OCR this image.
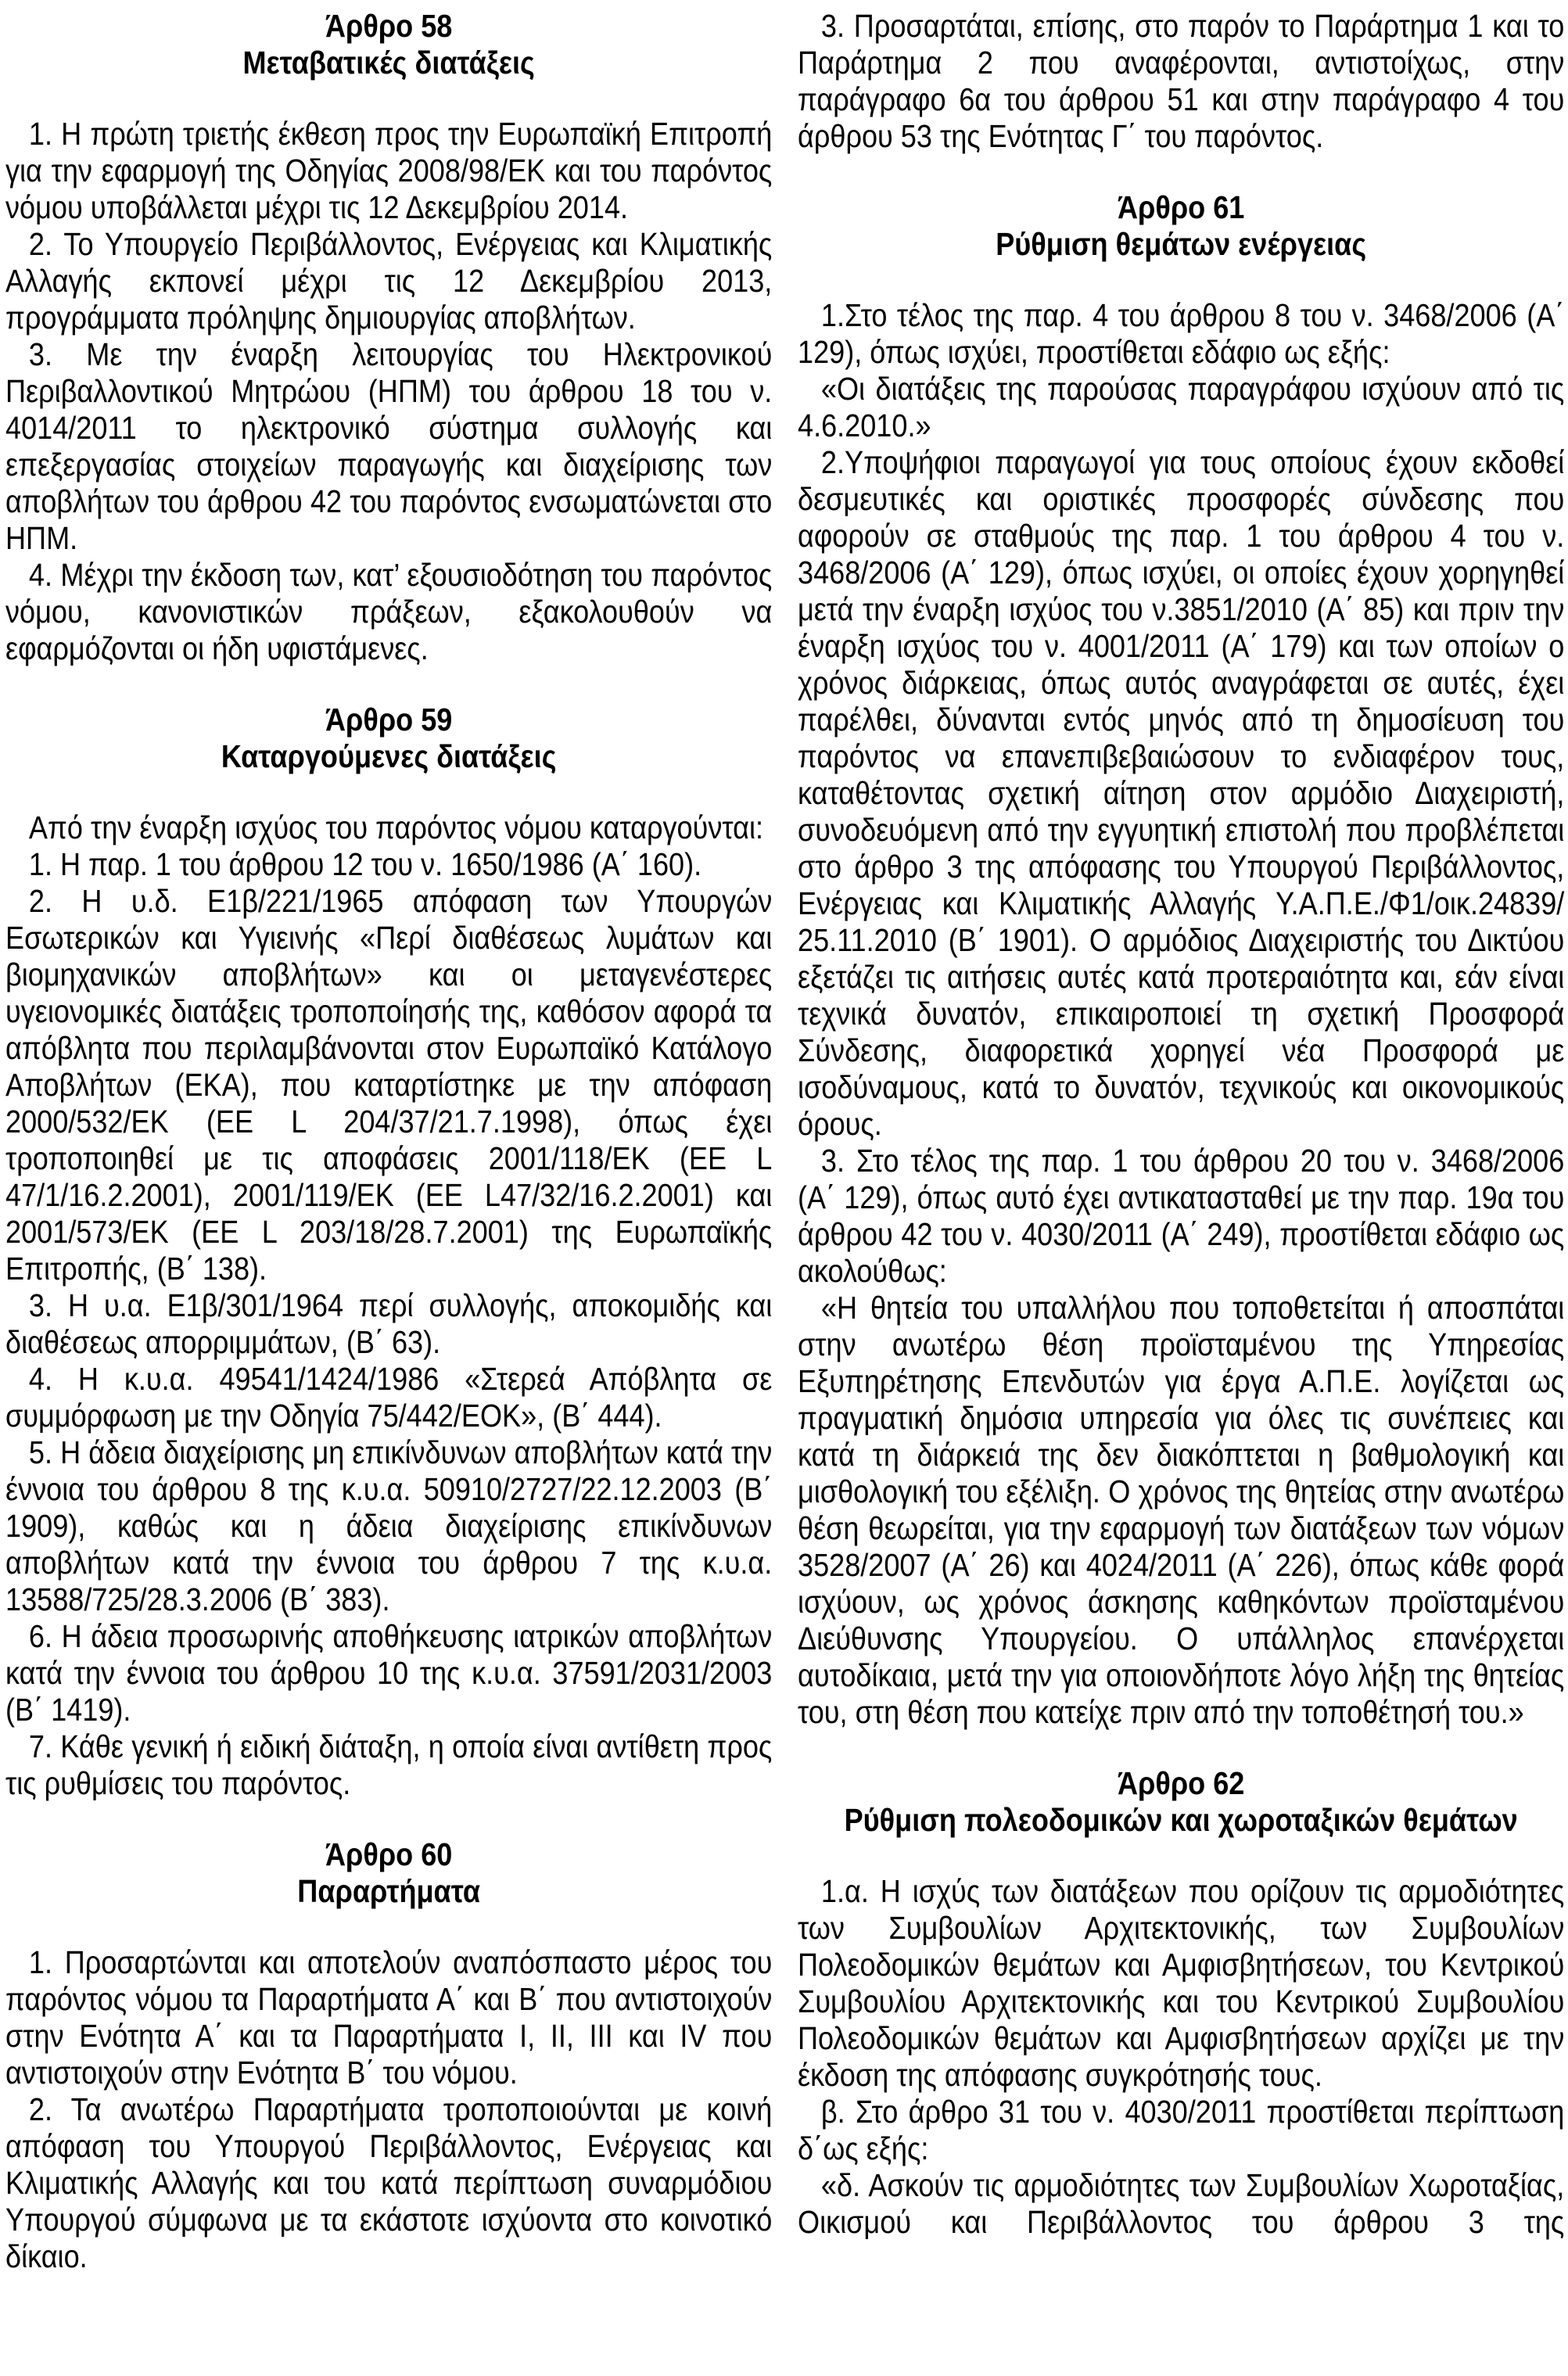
Άρθρο 58
Μεταβατικές διατάξεις

1. Η πρώτη τριετής έκθεση προς την Ευρωπαϊκή Επιτροπή για την εφαρμογή της Οδηγίας 2008/98/ΕΚ και του παρόντος νόμου υποβάλλεται μέχρι τις 12 Δεκεμβρίου 2014.

2. Το Υπουργείο Περιβάλλοντος, Ενέργειας και Κλιματικής Αλλαγής εκπονεί μέχρι τις 12 Δεκεμβρίου 2013, προγράμματα πρόληψης δημιουργίας αποβλήτων.

3. Με την έναρξη λειτουργίας του Ηλεκτρονικού Περιβαλλοντικού Μητρώου (ΗΠΜ) του άρθρου 18 του ν. 4014/2011 το ηλεκτρονικό σύστημα συλλογής και επεξεργασίας στοιχείων παραγωγής και διαχείρισης των αποβλήτων του άρθρου 42 του παρόντος ενσωματώνεται στο ΗΠΜ.

4. Μέχρι την έκδοση των, κατ’ εξουσιοδότηση του παρόντος νόμου, κανονιστικών πράξεων, εξακολουθούν να εφαρμόζονται οι ήδη υφιστάμενες.

Άρθρο 59
Καταργούμενες διατάξεις

Από την έναρξη ισχύος του παρόντος νόμου καταργούνται:

1. Η παρ. 1 του άρθρου 12 του ν. 1650/1986 (Α΄ 160).

2. Η υ.δ. Ε1β/221/1965 απόφαση των Υπουργών Εσωτερικών και Υγιεινής «Περί διαθέσεως λυμάτων και βιομηχανικών αποβλήτων» και οι μεταγενέστερες υγειονομικές διατάξεις τροποποίησής της, καθόσον αφορά τα απόβλητα που περιλαμβάνονται στον Ευρωπαϊκό Κατάλογο Αποβλήτων (ΕΚΑ), που καταρτίστηκε με την απόφαση 2000/532/ΕΚ (ΕΕ L 204/37/21.7.1998), όπως έχει τροποποιηθεί με τις αποφάσεις 2001/118/ΕΚ (ΕΕ L 47/1/16.2.2001), 2001/119/ΕΚ (ΕΕ L47/32/16.2.2001) και 2001/573/ΕΚ (ΕΕ L 203/18/28.7.2001) της Ευρωπαϊκής Επιτροπής, (Β΄ 138).

3. Η υ.α. Ε1β/301/1964 περί συλλογής, αποκομιδής και διαθέσεως απορριμμάτων, (Β΄ 63).

4. Η κ.υ.α. 49541/1424/1986 «Στερεά Απόβλητα σε συμμόρφωση με την Οδηγία 75/442/ΕΟΚ», (Β΄ 444).

5. Η άδεια διαχείρισης μη επικίνδυνων αποβλήτων κατά την έννοια του άρθρου 8 της κ.υ.α. 50910/2727/22.12.2003 (Β΄ 1909), καθώς και η άδεια διαχείρισης επικίνδυνων αποβλήτων κατά την έννοια του άρθρου 7 της κ.υ.α. 13588/725/28.3.2006 (Β΄ 383).

6. Η άδεια προσωρινής αποθήκευσης ιατρικών αποβλήτων κατά την έννοια του άρθρου 10 της κ.υ.α. 37591/2031/2003 (Β΄ 1419).

7. Κάθε γενική ή ειδική διάταξη, η οποία είναι αντίθετη προς τις ρυθμίσεις του παρόντος.

Άρθρο 60
Παραρτήματα

1. Προσαρτώνται και αποτελούν αναπόσπαστο μέρος του παρόντος νόμου τα Παραρτήματα Α΄ και Β΄ που αντιστοιχούν στην Ενότητα Α΄ και τα Παραρτήματα Ι, ΙΙ, ΙΙΙ και ΙV που αντιστοιχούν στην Ενότητα Β΄ του νόμου.

2. Τα ανωτέρω Παραρτήματα τροποποιούνται με κοινή απόφαση του Υπουργού Περιβάλλοντος, Ενέργειας και Κλιματικής Αλλαγής και του κατά περίπτωση συναρμόδιου Υπουργού σύμφωνα με τα εκάστοτε ισχύοντα στο κοινοτικό δίκαιο.

3. Προσαρτάται, επίσης, στο παρόν το Παράρτημα 1 και το Παράρτημα 2 που αναφέρονται, αντιστοίχως, στην παράγραφο 6α του άρθρου 51 και στην παράγραφο 4 του άρθρου 53 της Ενότητας Γ΄ του παρόντος.

Άρθρο 61
Ρύθμιση θεμάτων ενέργειας

1.Στο τέλος της παρ. 4 του άρθρου 8 του ν. 3468/2006 (Α΄ 129), όπως ισχύει, προστίθεται εδάφιο ως εξής:

«Οι διατάξεις της παρούσας παραγράφου ισχύουν από τις 4.6.2010.»

2.Υποψήφιοι παραγωγοί για τους οποίους έχουν εκδοθεί δεσμευτικές και οριστικές προσφορές σύνδεσης που αφορούν σε σταθμούς της παρ. 1 του άρθρου 4 του ν. 3468/2006 (Α΄ 129), όπως ισχύει, οι οποίες έχουν χορηγηθεί μετά την έναρξη ισχύος του ν.3851/2010 (Α΄ 85) και πριν την έναρξη ισχύος του ν. 4001/2011 (Α΄ 179) και των οποίων ο χρόνος διάρκειας, όπως αυτός αναγράφεται σε αυτές, έχει παρέλθει, δύνανται εντός μηνός από τη δημοσίευση του παρόντος να επανεπιβεβαιώσουν το ενδιαφέρον τους, καταθέτοντας σχετική αίτηση στον αρμόδιο Διαχειριστή, συνοδευόμενη από την εγγυητική επιστολή που προβλέπεται στο άρθρο 3 της απόφασης του Υπουργού Περιβάλλοντος, Ενέργειας και Κλιματικής Αλλαγής Υ.Α.Π.Ε./Φ1/οικ.24839/ 25.11.2010 (Β΄ 1901). Ο αρμόδιος Διαχειριστής του Δικτύου εξετάζει τις αιτήσεις αυτές κατά προτεραιότητα και, εάν είναι τεχνικά δυνατόν, επικαιροποιεί τη σχετική Προσφορά Σύνδεσης, διαφορετικά χορηγεί νέα Προσφορά με ισοδύναμους, κατά το δυνατόν, τεχνικούς και οικονομικούς όρους.

3. Στο τέλος της παρ. 1 του άρθρου 20 του ν. 3468/2006 (Α΄ 129), όπως αυτό έχει αντικατασταθεί με την παρ. 19α του άρθρου 42 του ν. 4030/2011 (Α΄ 249), προστίθεται εδάφιο ως ακολούθως:

«Η θητεία του υπαλλήλου που τοποθετείται ή αποσπάται στην ανωτέρω θέση προϊσταμένου της Υπηρεσίας Εξυπηρέτησης Επενδυτών για έργα Α.Π.Ε. λογίζεται ως πραγματική δημόσια υπηρεσία για όλες τις συνέπειες και κατά τη διάρκειά της δεν διακόπτεται η βαθμολογική και μισθολογική του εξέλιξη. Ο χρόνος της θητείας στην ανωτέρω θέση θεωρείται, για την εφαρμογή των διατάξεων των νόμων 3528/2007 (Α΄ 26) και 4024/2011 (Α΄ 226), όπως κάθε φορά ισχύουν, ως χρόνος άσκησης καθηκόντων προϊσταμένου Διεύθυνσης Υπουργείου. Ο υπάλληλος επανέρχεται αυτοδίκαια, μετά την για οποιονδήποτε λόγο λήξη της θητείας του, στη θέση που κατείχε πριν από την τοποθέτησή του.»

Άρθρο 62
Ρύθμιση πολεοδομικών και χωροταξικών θεμάτων

1.α. Η ισχύς των διατάξεων που ορίζουν τις αρμοδιότητες των Συμβουλίων Αρχιτεκτονικής, των Συμβουλίων Πολεοδομικών θεμάτων και Αμφισβητήσεων, του Κεντρικού Συμβουλίου Αρχιτεκτονικής και του Κεντρικού Συμβουλίου Πολεοδομικών θεμάτων και Αμφισβητήσεων αρχίζει με την έκδοση της απόφασης συγκρότησής τους.

β. Στο άρθρο 31 του ν. 4030/2011 προστίθεται περίπτωση δ΄ως εξής:

«δ. Ασκούν τις αρμοδιότητες των Συμβουλίων Χωροταξίας, Οικισμού και Περιβάλλοντος του άρθρου 3 της
